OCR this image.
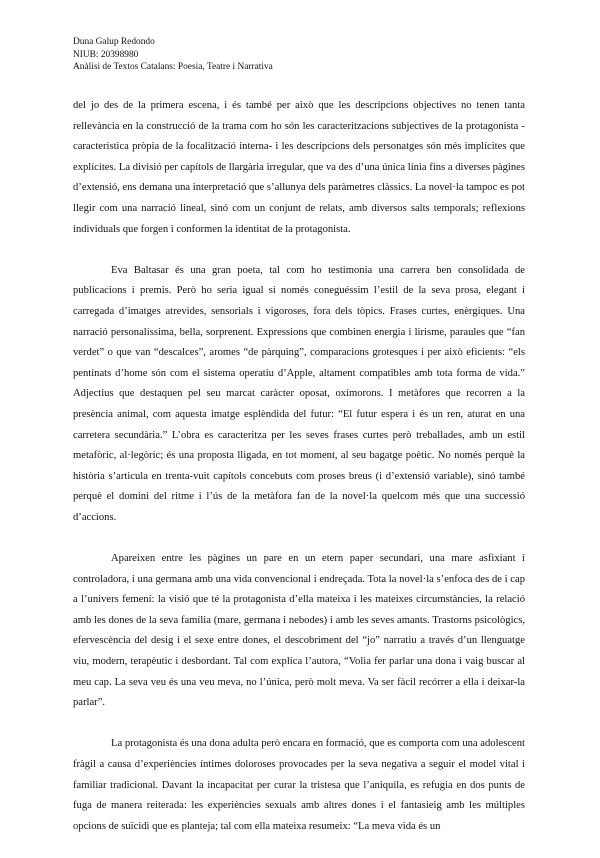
Duna Galup Redondo
NIUB: 20398980
Anàlisi de Textos Catalans: Poesia, Teatre i Narrativa

del jo des de la primera escena, i és també per això que les descripcions objectives no tenen tanta rellevància en la construcció de la trama com ho són les caracteritzacions subjectives de la protagonista -característica pròpia de la focalització interna- i les descripcions dels personatges són més implícites que explícites. La divisió per capítols de llargària irregular, que va des d’una única línia fins a diverses pàgines d’extensió, ens demana una interpretació que s’allunya dels paràmetres clàssics. La novel·la tampoc es pot llegir com una narració lineal, sinó com un conjunt de relats, amb diversos salts temporals; reflexions individuals que forgen i conformen la identitat de la protagonista.

Eva Baltasar és una gran poeta, tal com ho testimonia una carrera ben consolidada de publicacions i premis. Però ho seria igual si només coneguéssim l’estil de la seva prosa, elegant i carregada d’imatges atrevides, sensorials i vigoroses, fora dels tòpics. Frases curtes, enèrgiques. Una narració personalíssima, bella, sorprenent. Expressions que combinen energia i lirisme, paraules que “fan verdet” o que van “descalces”, aromes “de pàrquing”, comparacions grotesques i per això eficients: “els pentinats d’home són com el sistema operatiu d’Apple, altament compatibles amb tota forma de vida.” Adjectius que destaquen pel seu marcat caràcter oposat, oxímorons. I metàfores que recorren a la presència animal, com aquesta imatge esplèndida del futur: “El futur espera i és un ren, aturat en una carretera secundària.” L’obra es caracteritza per les seves frases curtes però treballades, amb un estil metafòric, al·legòric; és una proposta lligada, en tot moment, al seu bagatge poètic. No només perquè la història s’articula en trenta-vuit capítols concebuts com proses breus (i d’extensió variable), sinó també perquè el domini del ritme i l’ús de la metàfora fan de la novel·la quelcom més que una successió d’accions.

Apareixen entre les pàgines un pare en un etern paper secundari, una mare asfixiant i controladora, i una germana amb una vida convencional i endreçada. Tota la novel·la s’enfoca des de i cap a l’univers femení: la visió que té la protagonista d’ella mateixa i les mateixes circumstàncies, la relació amb les dones de la seva família (mare, germana i nebodes) i amb les seves amants. Trastorns psicològics, efervescència del desig i el sexe entre dones, el descobriment del “jo” narratiu a través d’un llenguatge viu, modern, terapèutic i desbordant. Tal com explica l’autora, “Volia fer parlar una dona i vaig buscar al meu cap. La seva veu és una veu meva, no l’única, però molt meva. Va ser fàcil recórrer a ella i deixar-la parlar”.

La protagonista és una dona adulta però encara en formació, que es comporta com una adolescent fràgil a causa d’experiències íntimes doloroses provocades per la seva negativa a seguir el model vital i familiar tradicional. Davant la incapacitat per curar la tristesa que l’aniquila, es refugia en dos punts de fuga de manera reiterada: les experiències sexuals amb altres dones i el fantasieig amb les múltiples opcions de suïcidi que es planteja; tal com ella mateixa resumeix: “La meva vida és un
